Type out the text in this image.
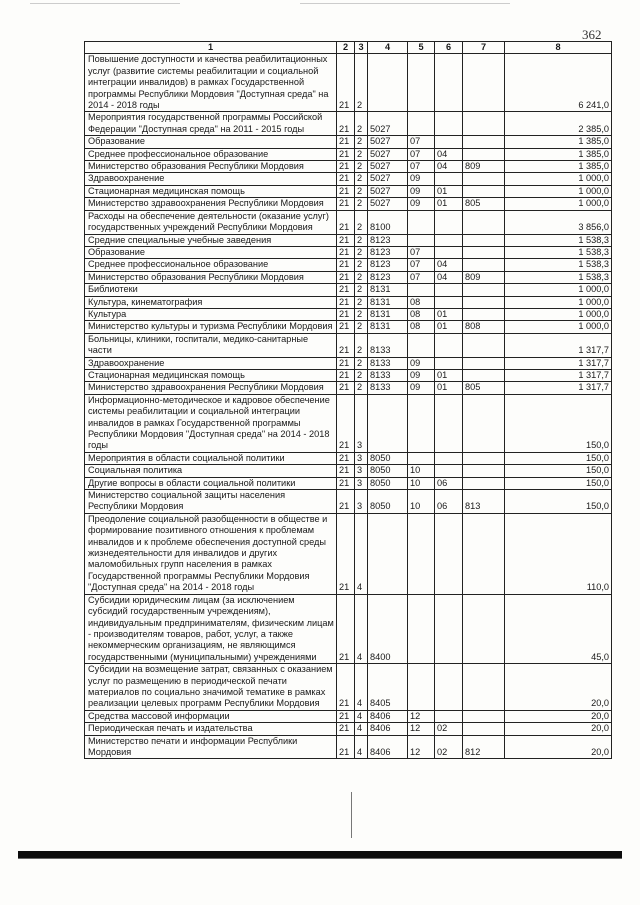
362
1	2	3	4	5	6	7	8
Повышение доступности и качества реабилитационных услуг (развитие системы реабилитации и социальной интеграции инвалидов) в рамках Государственной программы Республики Мордовия "Доступная среда" на 2014 - 2018 годы	21	2					6 241,0
Мероприятия государственной программы Российской Федерации "Доступная среда" на 2011 - 2015 годы	21	2	5027				2 385,0
Образование	21	2	5027	07			1 385,0
Среднее профессиональное образование	21	2	5027	07	04		1 385,0
Министерство образования Республики Мордовия	21	2	5027	07	04	809	1 385,0
Здравоохранение	21	2	5027	09			1 000,0
Стационарная медицинская помощь	21	2	5027	09	01		1 000,0
Министерство здравоохранения Республики Мордовия	21	2	5027	09	01	805	1 000,0
Расходы на обеспечение деятельности (оказание услуг) государственных учреждений Республики Мордовия	21	2	8100				3 856,0
Средние специальные учебные заведения	21	2	8123				1 538,3
Образование	21	2	8123	07			1 538,3
Среднее профессиональное образование	21	2	8123	07	04		1 538,3
Министерство образования Республики Мордовия	21	2	8123	07	04	809	1 538,3
Библиотеки	21	2	8131				1 000,0
Культура, кинематография	21	2	8131	08			1 000,0
Культура	21	2	8131	08	01		1 000,0
Министерство культуры и туризма Республики Мордовия	21	2	8131	08	01	808	1 000,0
Больницы, клиники, госпитали, медико-санитарные части	21	2	8133				1 317,7
Здравоохранение	21	2	8133	09			1 317,7
Стационарная медицинская помощь	21	2	8133	09	01		1 317,7
Министерство здравоохранения Республики Мордовия	21	2	8133	09	01	805	1 317,7
Информационно-методическое и кадровое обеспечение системы реабилитации и социальной интеграции инвалидов в рамках Государственной программы Республики Мордовия "Доступная среда" на 2014 - 2018 годы	21	3					150,0
Мероприятия в области социальной политики	21	3	8050				150,0
Социальная политика	21	3	8050	10			150,0
Другие вопросы в области социальной политики	21	3	8050	10	06		150,0
Министерство социальной защиты населения Республики Мордовия	21	3	8050	10	06	813	150,0
Преодоление социальной разобщенности в обществе и формирование позитивного отношения к проблемам инвалидов и к проблеме обеспечения доступной среды жизнедеятельности для инвалидов и других маломобильных групп населения в рамках Государственной программы Республики Мордовия "Доступная среда" на 2014 - 2018 годы	21	4					110,0
Субсидии юридическим лицам (за исключением субсидий государственным учреждениям), индивидуальным предпринимателям, физическим лицам - производителям товаров, работ, услуг, а также некоммерческим организациям, не являющимся государственными (муниципальными) учреждениями	21	4	8400				45,0
Субсидии на возмещение затрат, связанных с оказанием услуг по размещению в периодической печати материалов по социально значимой тематике в рамках реализации целевых программ Республики Мордовия	21	4	8405				20,0
Средства массовой информации	21	4	8406	12			20,0
Периодическая печать и издательства	21	4	8406	12	02		20,0
Министерство печати и информации Республики Мордовия	21	4	8406	12	02	812	20,0
